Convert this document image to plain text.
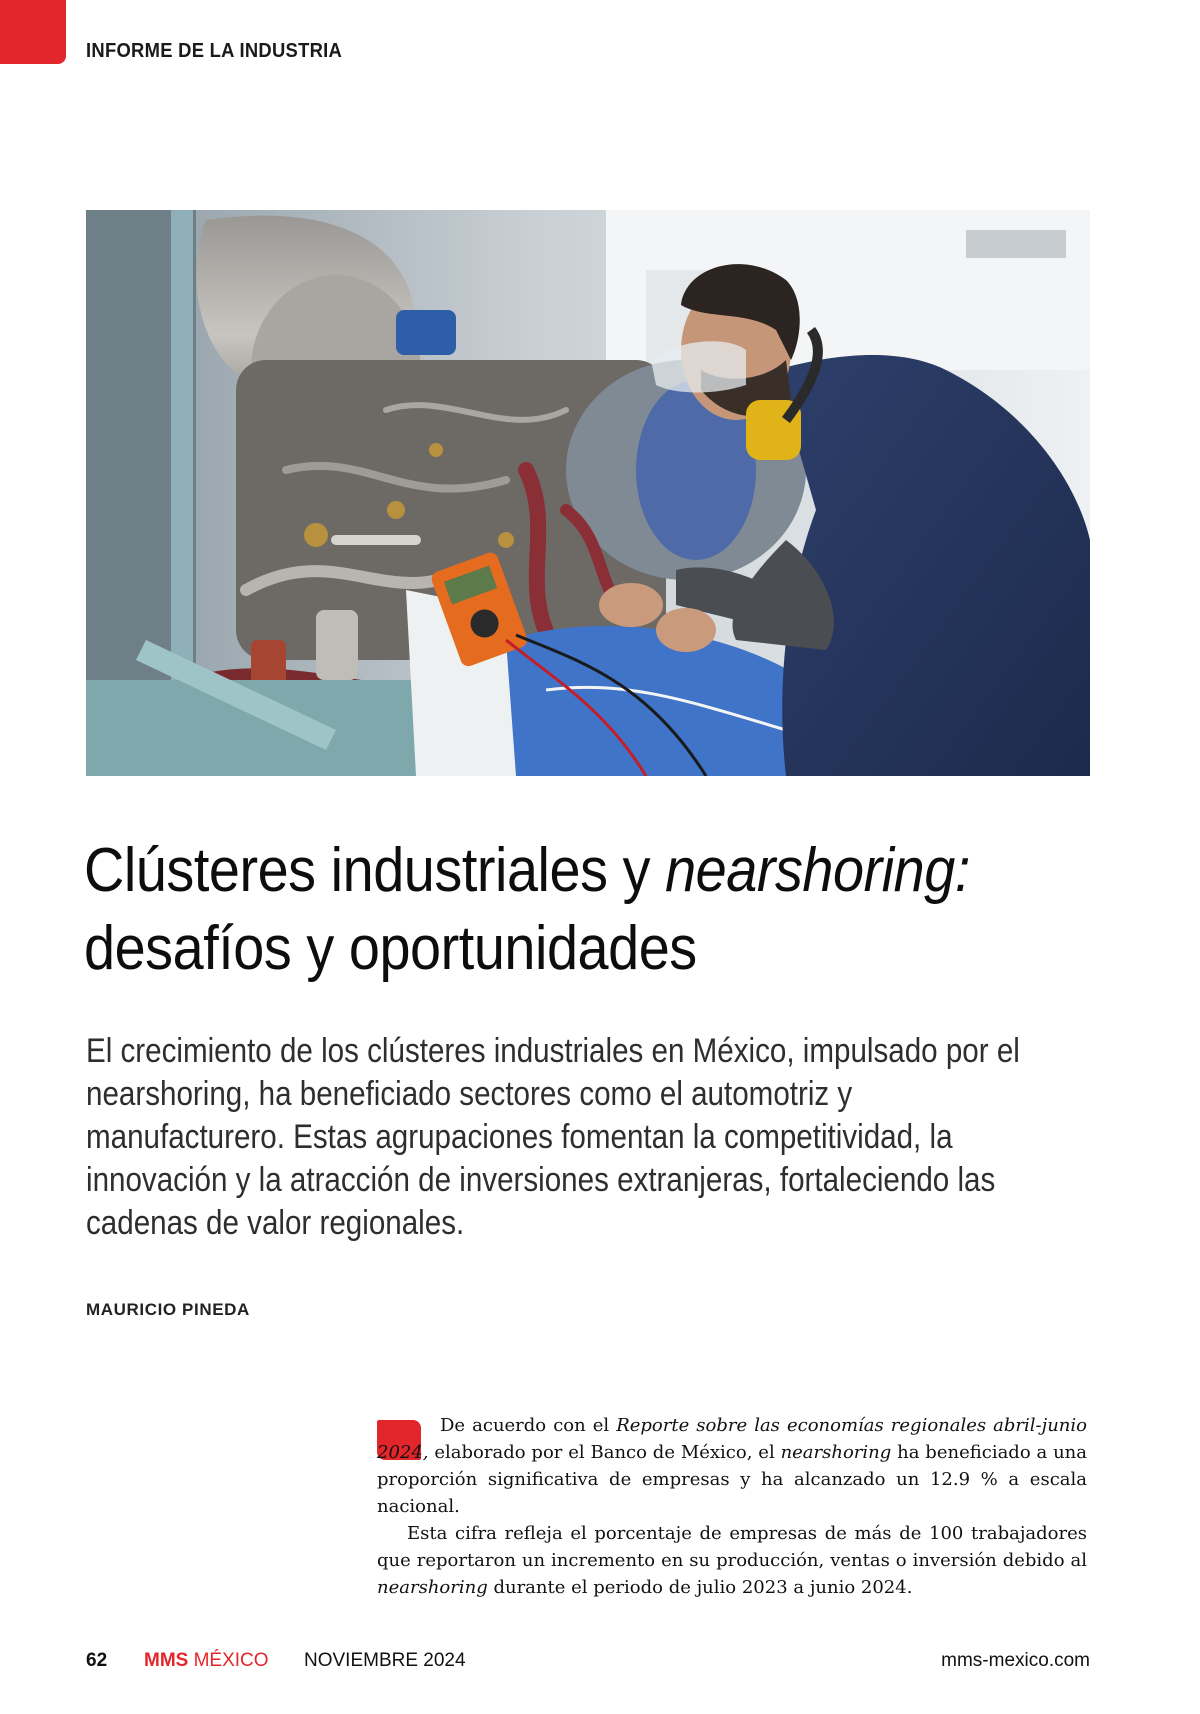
INFORME DE LA INDUSTRIA
Clústeres industriales y nearshoring:
desafíos y oportunidades

El crecimiento de los clústeres industriales en México, impulsado por el nearshoring, ha beneficiado sectores como el automotriz y manufacturero. Estas agrupaciones fomentan la competitividad, la innovación y la atracción de inversiones extranjeras, fortaleciendo las cadenas de valor regionales.

MAURICIO PINEDA

De acuerdo con el Reporte sobre las economías regionales abril-junio 2024, elaborado por el Banco de México, el nearshoring ha beneficiado a una proporción significativa de empresas y ha alcanzado un 12.9 % a escala nacional.

Esta cifra refleja el porcentaje de empresas de más de 100 trabajadores que reportaron un incremento en su producción, ventas o inversión debido al nearshoring durante el periodo de julio 2023 a junio 2024.

62 MMS MÉXICO NOVIEMBRE 2024	mms-mexico.com
